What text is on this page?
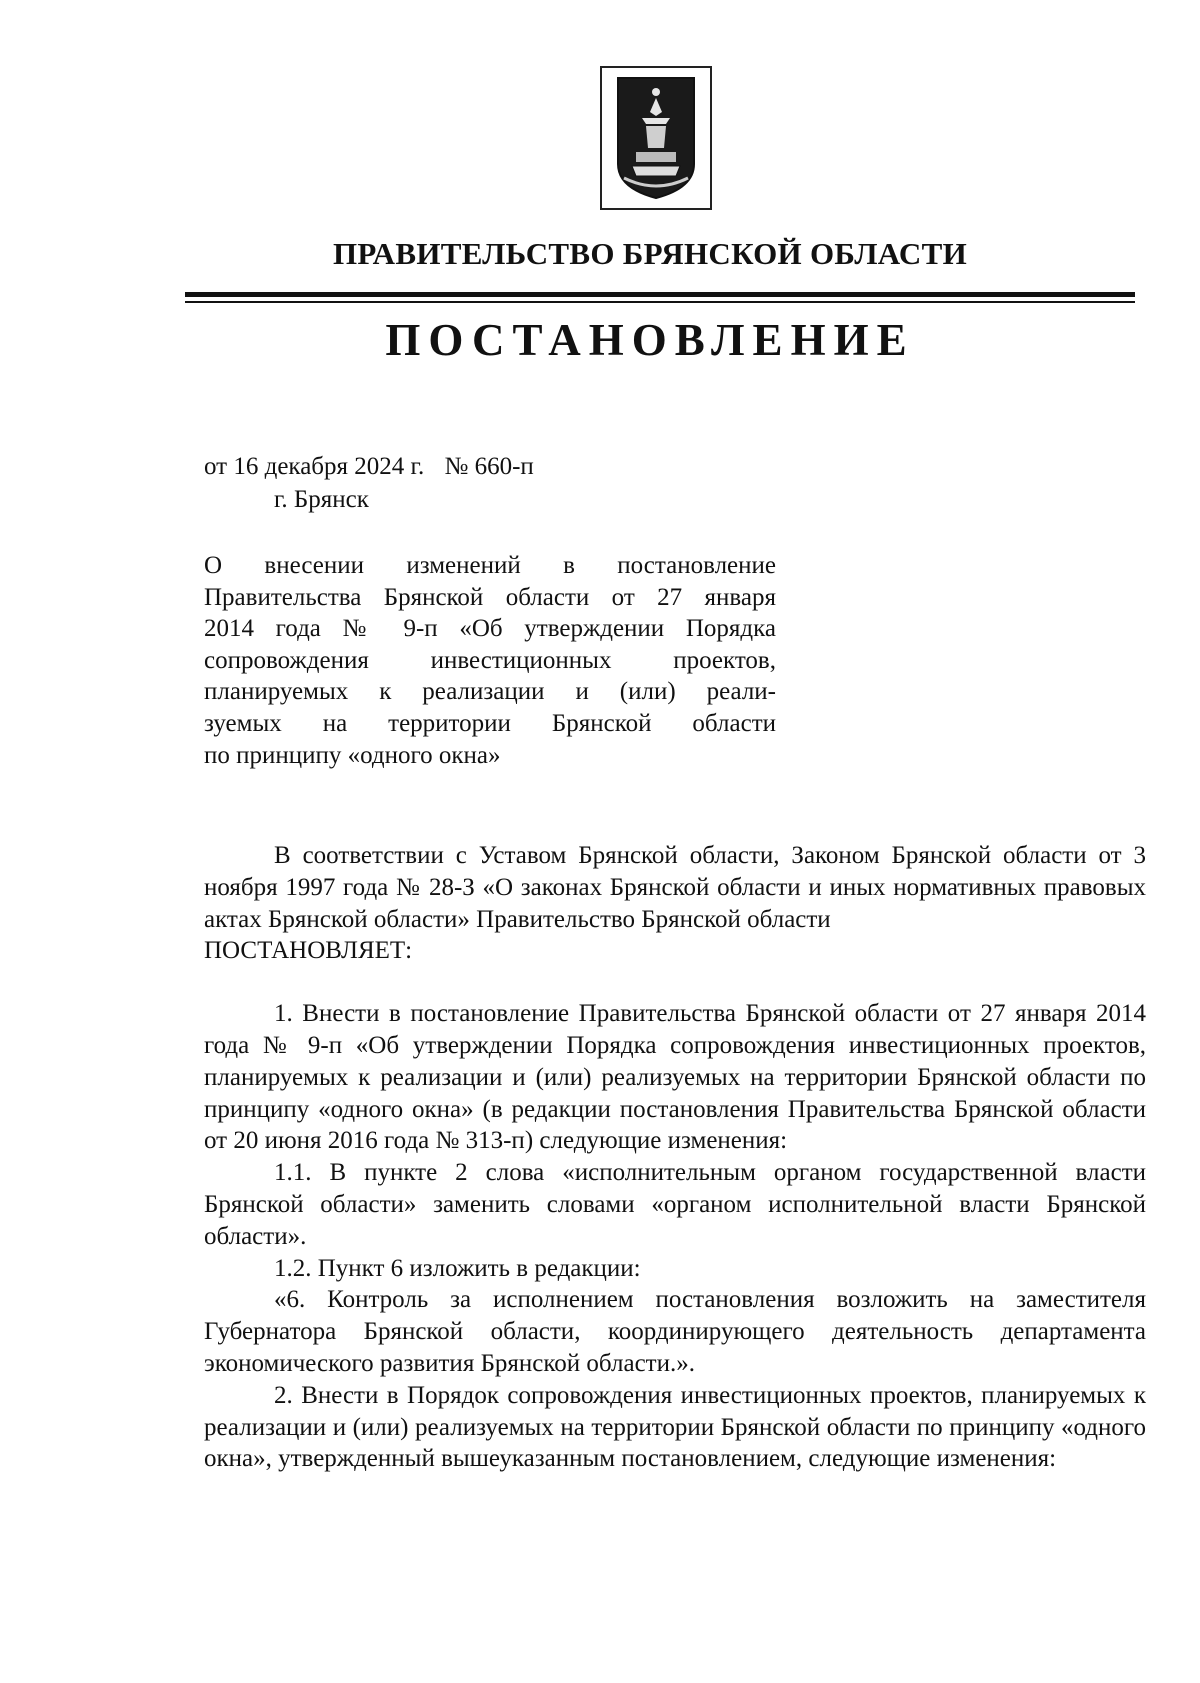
ПРАВИТЕЛЬСТВО БРЯНСКОЙ ОБЛАСТИ
ПОСТАНОВЛЕНИЕ
от 16 декабря 2024 г. № 660-п
г. Брянск

О внесении изменений в постановление

Правительства Брянской области от 27 января

2014 года № 9-п «Об утверждении Порядка

сопровождения инвестиционных проектов,

планируемых к реализации и (или) реали-

зуемых на территории Брянской области

по принципу «одного окна»

В соответствии с Уставом Брянской области, Законом Брянской области от 3 ноября 1997 года № 28-З «О законах Брянской области и иных нормативных правовых актах Брянской области» Правительство Брянской области

ПОСТАНОВЛЯЕТ:

1. Внести в постановление Правительства Брянской области от 27 января 2014 года № 9-п «Об утверждении Порядка сопровождения инвестиционных проектов, планируемых к реализации и (или) реализуемых на территории Брянской области по принципу «одного окна» (в редакции постановления Правительства Брянской области от 20 июня 2016 года № 313-п) следующие изменения:

1.1. В пункте 2 слова «исполнительным органом государственной власти Брянской области» заменить словами «органом исполнительной власти Брянской области».

1.2. Пункт 6 изложить в редакции:

«6. Контроль за исполнением постановления возложить на заместителя Губернатора Брянской области, координирующего деятельность департамента экономического развития Брянской области.».

2. Внести в Порядок сопровождения инвестиционных проектов, планируемых к реализации и (или) реализуемых на территории Брянской области по принципу «одного окна», утвержденный вышеуказанным постановлением, следующие изменения:
